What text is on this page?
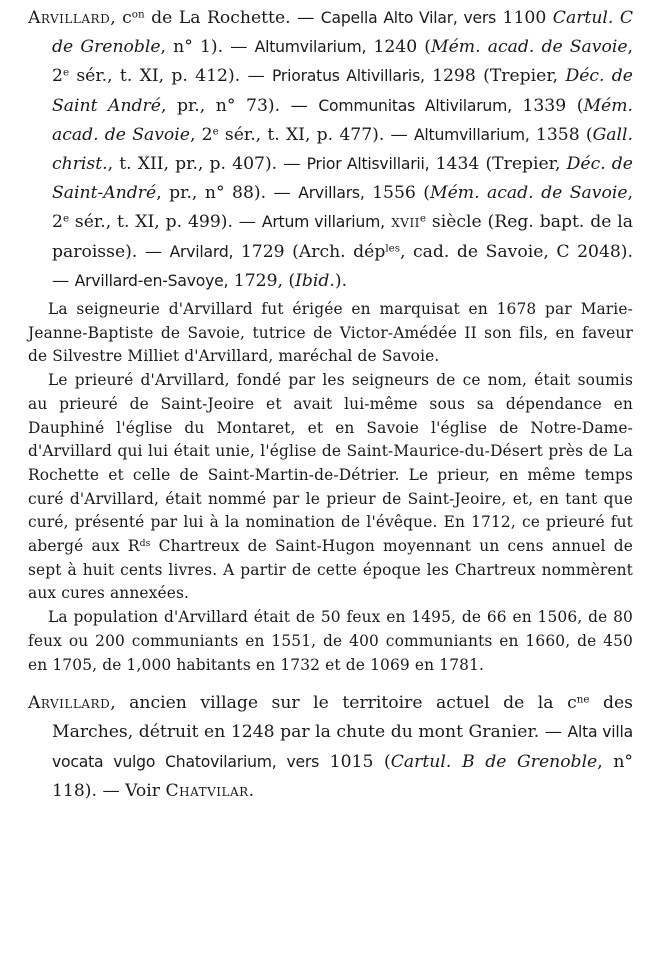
Arvillard, $c^{on}$ de La Rochette. — Capella Alto Vilar, vers 1100 Cartul. C de Grenoble, n° 1). — Altumvilarium, 1240 (Mém. acad. de Savoie, 2e sér., t. XI, p. 412). — Prioratus Altivillaris, 1298 (Trepier, Déc. de Saint André, pr., n° 73). — Communitas Altivilarum, 1339 (Mém. acad. de Savoie, 2e sér., t. XI, p. 477). — Altumvillarium, 1358 (Gall. christ., t. XII, pr., p. 407). — Prior Altisvillarii, 1434 (Trepier, Déc. de Saint-André, pr., n° 88). — Arvillars, 1556 (Mém. acad. de Savoie, 2e sér., t. XI, p. 499). — Artum villarium, xvii$^e$ siècle (Reg. bapt. de la paroisse). — Arvilard, 1729 (Arch. dép$^{les}$, cad. de Savoie, C 2048). — Arvillard-en-Savoye, 1729, (Ibid.).

La seigneurie d'Arvillard fut érigée en marquisat en 1678 par Marie-Jeanne-Baptiste de Savoie, tutrice de Victor-Amédée II son fils, en faveur de Silvestre Milliet d'Arvillard, maréchal de Savoie.

Le prieuré d'Arvillard, fondé par les seigneurs de ce nom, était soumis au prieuré de Saint-Jeoire et avait lui-même sous sa dépendance en Dauphiné l'église du Montaret, et en Savoie l'église de Notre-Dame-d'Arvillard qui lui était unie, l'église de Saint-Maurice-du-Désert près de La Rochette et celle de Saint-Martin-de-Détrier. Le prieur, en même temps curé d'Arvillard, était nommé par le prieur de Saint-Jeoire, et, en tant que curé, présenté par lui à la nomination de l'évêque. En 1712, ce prieuré fut abergé aux $R^{ds}$ Chartreux de Saint-Hugon moyennant un cens annuel de sept à huit cents livres. A partir de cette époque les Chartreux nommèrent aux cures annexées.

La population d'Arvillard était de 50 feux en 1495, de 66 en 1506, de 80 feux ou 200 communiants en 1551, de 400 communiants en 1660, de 450 en 1705, de 1,000 habitants en 1732 et de 1069 en 1781.

Arvillard, ancien village sur le territoire actuel de la $c^{ne}$ des Marches, détruit en 1248 par la chute du mont Granier. — Alta villa vocata vulgo Chatovilarium, vers 1015 (Cartul. B de Grenoble, n° 118). — Voir Chatvilar.
